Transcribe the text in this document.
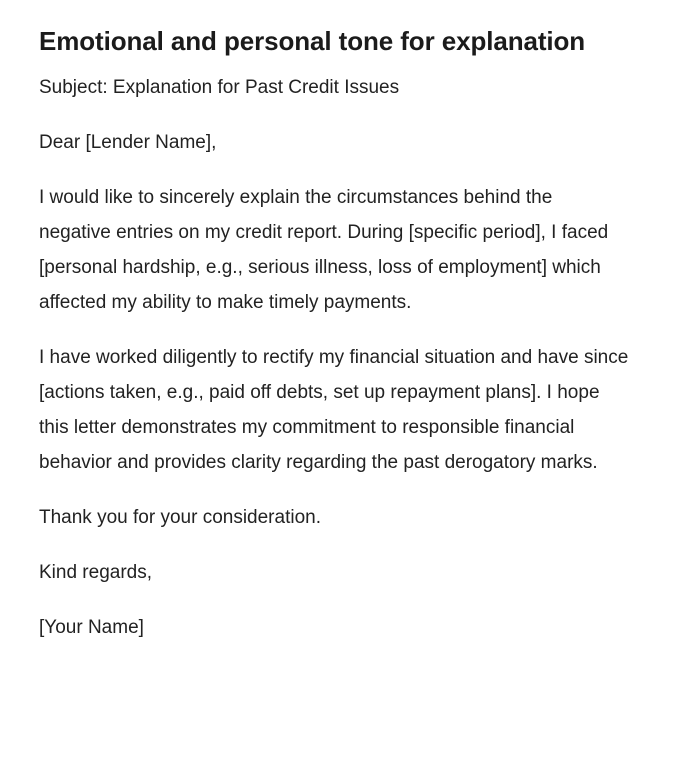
Emotional and personal tone for explanation

Subject: Explanation for Past Credit Issues

Dear [Lender Name],

I would like to sincerely explain the circumstances behind the negative entries on my credit report. During [specific period], I faced [personal hardship, e.g., serious illness, loss of employment] which affected my ability to make timely payments.

I have worked diligently to rectify my financial situation and have since [actions taken, e.g., paid off debts, set up repayment plans]. I hope this letter demonstrates my commitment to responsible financial behavior and provides clarity regarding the past derogatory marks.

Thank you for your consideration.

Kind regards,

[Your Name]
